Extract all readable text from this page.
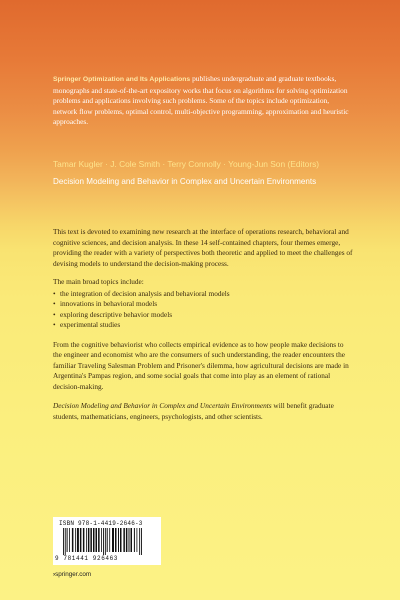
Springer Optimization and Its Applications publishes undergraduate and graduate textbooks, monographs and state-of-the-art expository works that focus on algorithms for solving optimization problems and applications involving such problems. Some of the topics include optimization, network flow problems, optimal control, multi-objective programming, approximation and heuristic approaches.
Tamar Kugler · J. Cole Smith · Terry Connolly · Young-Jun Son (Editors)
Decision Modeling and Behavior in Complex and Uncertain Environments

This text is devoted to examining new research at the interface of operations research, behavioral and cognitive sciences, and decision analysis. In these 14 self-contained chapters, four themes emerge, providing the reader with a variety of perspectives both theoretic and applied to meet the challenges of devising models to understand the decision-making process.

The main broad topics include:

• the integration of decision analysis and behavioral models
• innovations in behavioral models
• exploring descriptive behavior models
• experimental studies

From the cognitive behaviorist who collects empirical evidence as to how people make decisions to the engineer and economist who are the consumers of such understanding, the reader encounters the familiar Traveling Salesman Problem and Prisoner's dilemma, how agricultural decisions are made in Argentina's Pampas region, and some social goals that come into play as an element of rational decision-making.

Decision Modeling and Behavior in Complex and Uncertain Environments will benefit graduate students, mathematicians, engineers, psychologists, and other scientists.

ISBN 978-1-4419-2646-3
9 781441 926463
›springer.com
